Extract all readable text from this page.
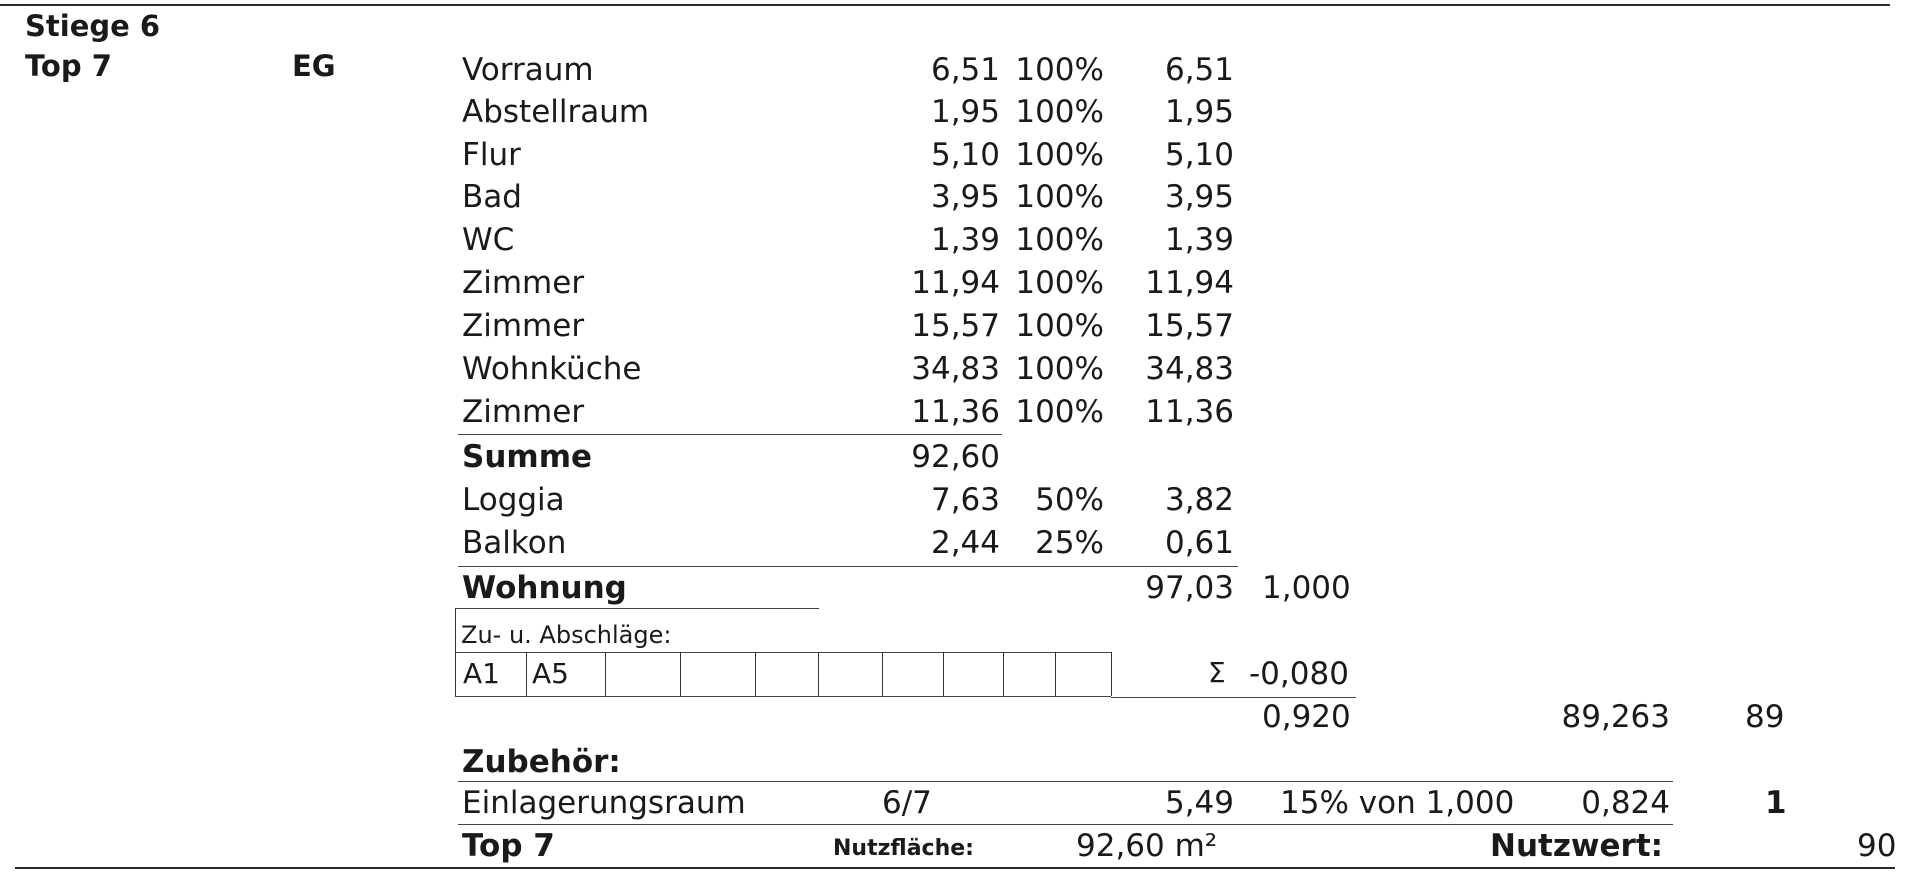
Stiege 6
Top 7	EG	Vorraum	6,51 100%	6,51
Abstellraum	1,95 100%	1,95
Flur	5,10 100%	5,10
Bad	3,95 100%	3,95
WC	1,39 100%	1,39
Zimmer	11,94 100%	11,94
Zimmer	15,57 100%	15,57
Wohnküche	34,83 100%	34,83
Zimmer	11,36 100%	11,36
Summe	92,60
Loggia	7,63	50%	3,82
Balkon	2,44	25%	0,61
Wohnung	97,03 1,000
Zu- u. Abschläge:
A1 A5	Σ -0,080
0,920	89,263 89
Zubehör:
Einlagerungsraum	6/7	5,49 15% von 1,000	0,824	1
Top 7	Nutzfläche:	92,60 m²	Nutzwert:	90
